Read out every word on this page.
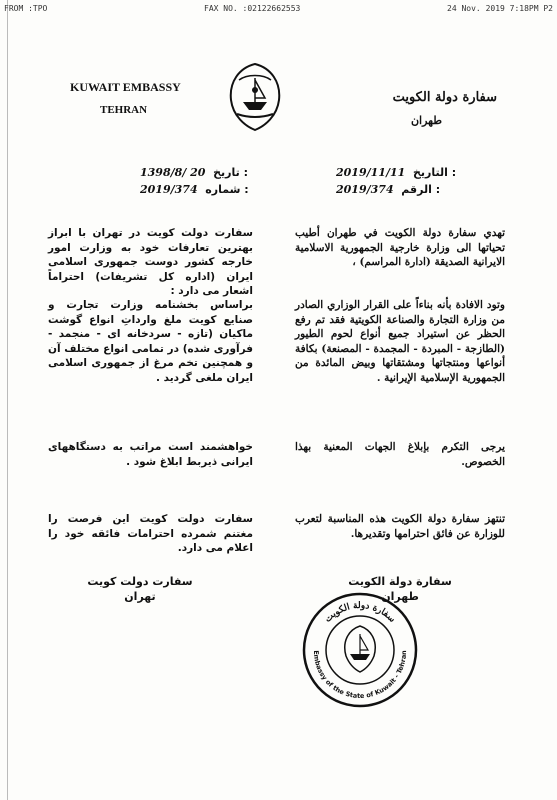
FROM :TPO	FAX NO. :02122662553	24 Nov. 2019 7:18PM P2
KUWAIT EMBASSY
TEHRAN
سفارة دولة الكويت
طهران
1398/8/ 20 تاریخ :
2019/374 شماره :
2019/11/11 التاريخ :
2019/374 الرقم :

سفارت دولت کویت در تهران با ابراز بهترین تعارفات خود به وزارت امور خارجه کشور دوست جمهوری اسلامی ایران (اداره کل تشریفات) احتراماً اشعار می دارد :

براساس بخشنامه وزارت تجارت و صنایع کویت ملغ وارداتِ انواع گوشت ماکیان (تازه - سردخانه ای - منجمد - فرآوری شده) در تمامی انواع مختلف آن و همچنین تخم مرغ از جمهوری اسلامی ایران ملغی گردید .

خواهشمند است مراتب به دستگاههای ایرانی ذیربط ابلاغ شود .

سفارت دولت کویت این فرصت را مغتنم شمرده احترامات فائقه خود را اعلام می دارد.

تهدي سفارة دولة الكويت في طهران أطيب تحياتها الى وزارة خارجية الجمهورية الاسلامية الايرانية الصديقة (ادارة المراسم) ،

وتود الافادة بأنه بناءاً على القرار الوزاري الصادر من وزارة التجارة والصناعة الكويتية فقد تم رفع الحظر عن استيراد جميع أنواع لحوم الطيور (الطازجة - المبردة - المجمدة - المصنعة) بكافة أنواعها ومنتجاتها ومشتقاتها وبيض المائدة من الجمهورية الإسلامية الإيرانية .

يرجى التكرم بإبلاغ الجهات المعنية بهذا الخصوص.

تنتهز سفارة دولة الكويت هذه المناسبة لتعرب للوزارة عن فائق احترامها وتقديرها.

سفارت دولت کویت
تهران
سفارة دولة الكويت
طهران
سفارة دولة الكويت
Embassy of the State of Kuwait - Tehran
